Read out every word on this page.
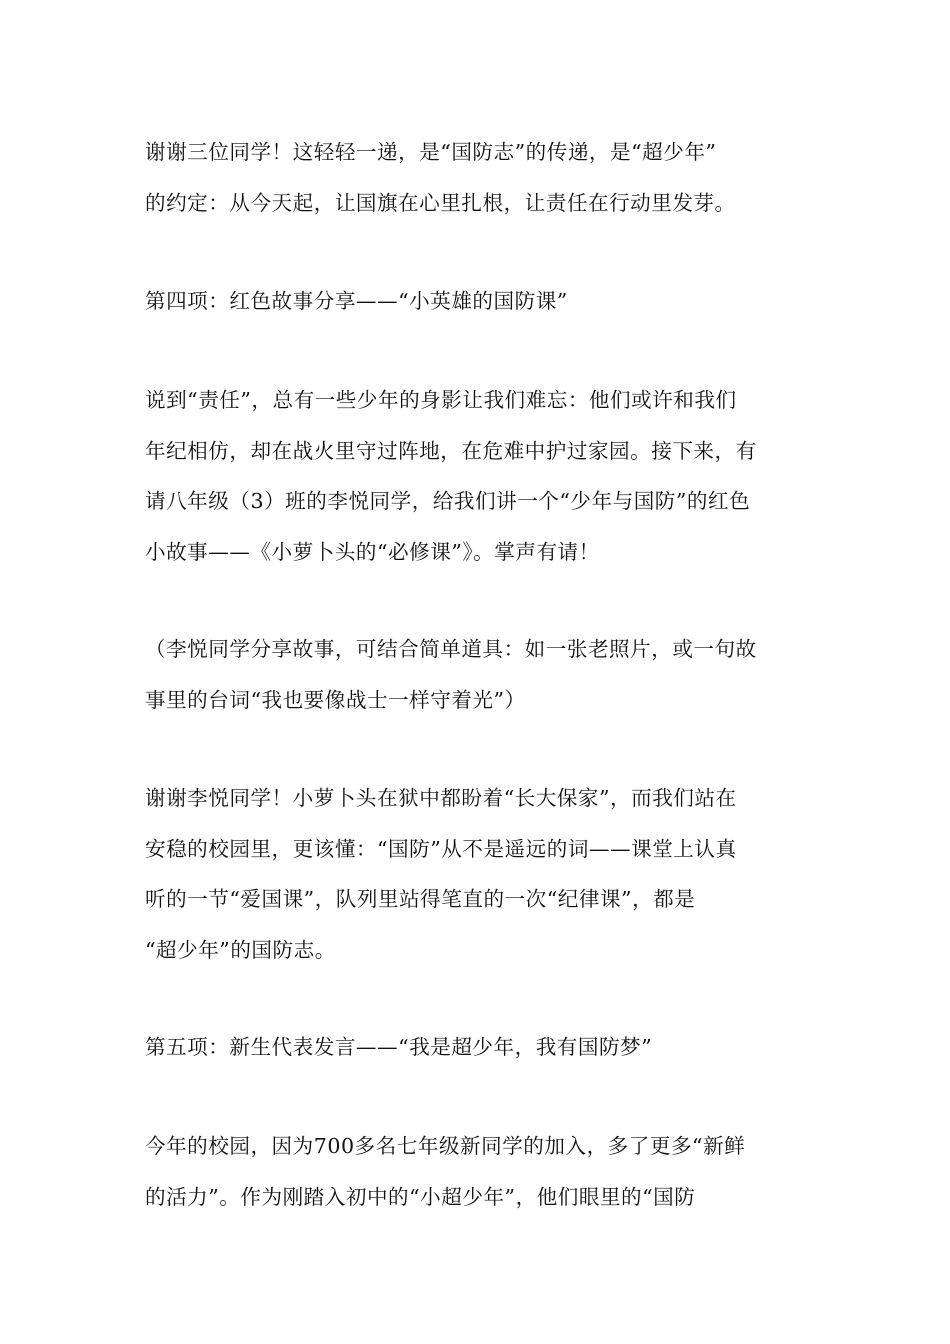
谢谢三位同学！这轻轻一递，是“国防志”的传递，是“超少年”
的约定：从今天起，让国旗在心里扎根，让责任在行动里发芽。

第四项：红色故事分享——“小英雄的国防课”

说到“责任”，总有一些少年的身影让我们难忘：他们或许和我们
年纪相仿，却在战火里守过阵地，在危难中护过家园。接下来，有
请八年级（3）班的李悦同学，给我们讲一个“少年与国防”的红色
小故事——《小萝卜头的“必修课”》。掌声有请！

（李悦同学分享故事，可结合简单道具：如一张老照片，或一句故
事里的台词“我也要像战士一样守着光”）

谢谢李悦同学！小萝卜头在狱中都盼着“长大保家”，而我们站在
安稳的校园里，更该懂：“国防”从不是遥远的词——课堂上认真
听的一节“爱国课”，队列里站得笔直的一次“纪律课”，都是
“超少年”的国防志。

第五项：新生代表发言——“我是超少年，我有国防梦”

今年的校园，因为700多名七年级新同学的加入，多了更多“新鲜
的活力”。作为刚踏入初中的“小超少年”，他们眼里的“国防
